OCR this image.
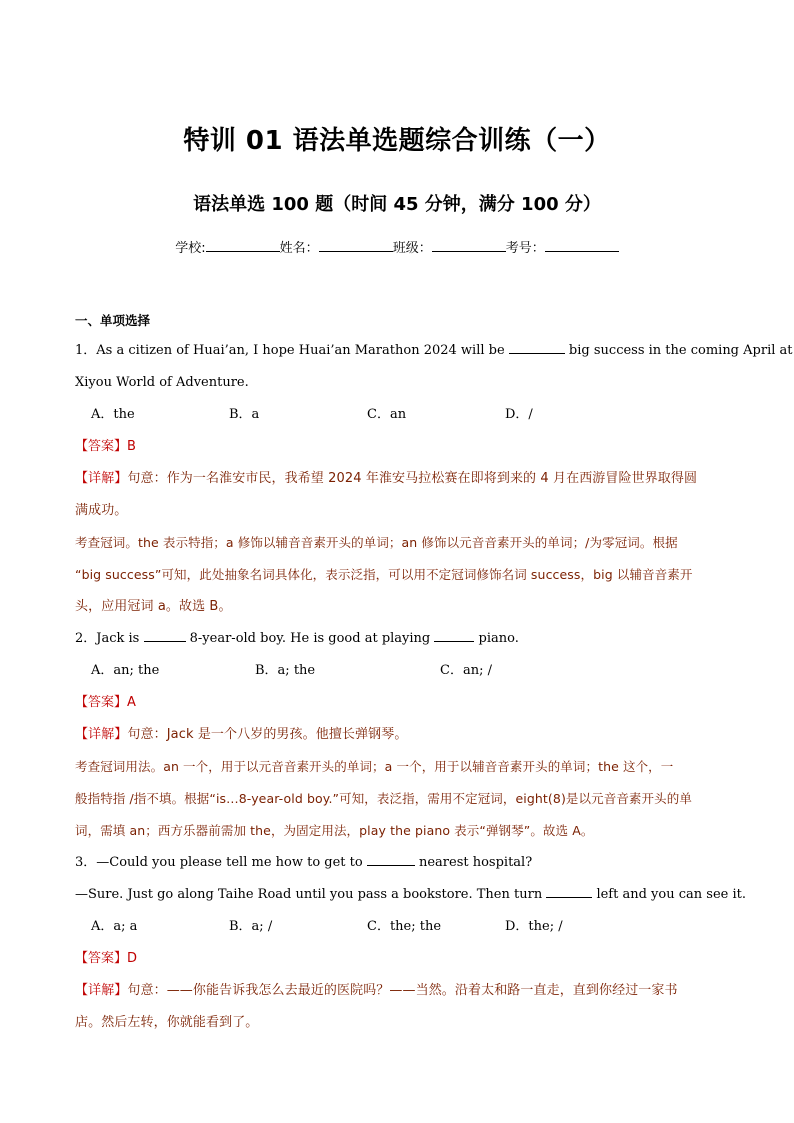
特训 01 语法单选题综合训练（一）
语法单选 100 题（时间 45 分钟，满分 100 分）
学校:	姓名：	班级：	考号：
一、单项选择
1．As a citizen of Huai’an, I hope Huai’an Marathon 2024 will be	big success in the coming April at
Xiyou World of Adventure.
A．the	B．a	C．an	D．/
【答案】B
【详解】句意：作为一名淮安市民，我希望 2024 年淮安马拉松赛在即将到来的 4 月在西游冒险世界取得圆
满成功。
考查冠词。the 表示特指；a 修饰以辅音音素开头的单词；an 修饰以元音音素开头的单词；/为零冠词。根据
“big success”可知，此处抽象名词具体化，表示泛指，可以用不定冠词修饰名词 success，big 以辅音音素开
头，应用冠词 a。故选 B。
2．Jack is	8-year-old boy. He is good at playing	piano.
A．an; the	B．a; the	C．an; /
【答案】A
【详解】句意：Jack 是一个八岁的男孩。他擅长弹钢琴。
考查冠词用法。an 一个，用于以元音音素开头的单词；a 一个，用于以辅音音素开头的单词；the 这个，一
般指特指 /指不填。根据“is…8-year-old boy.”可知，表泛指，需用不定冠词，eight(8)是以元音音素开头的单
词，需填 an；西方乐器前需加 the，为固定用法，play the piano 表示“弹钢琴”。故选 A。
3．—Could you please tell me how to get to	nearest hospital?
—Sure. Just go along Taihe Road until you pass a bookstore. Then turn	left and you can see it.
A．a; a	B．a; /	C．the; the	D．the; /
【答案】D
【详解】句意：——你能告诉我怎么去最近的医院吗？——当然。沿着太和路一直走，直到你经过一家书
店。然后左转，你就能看到了。
